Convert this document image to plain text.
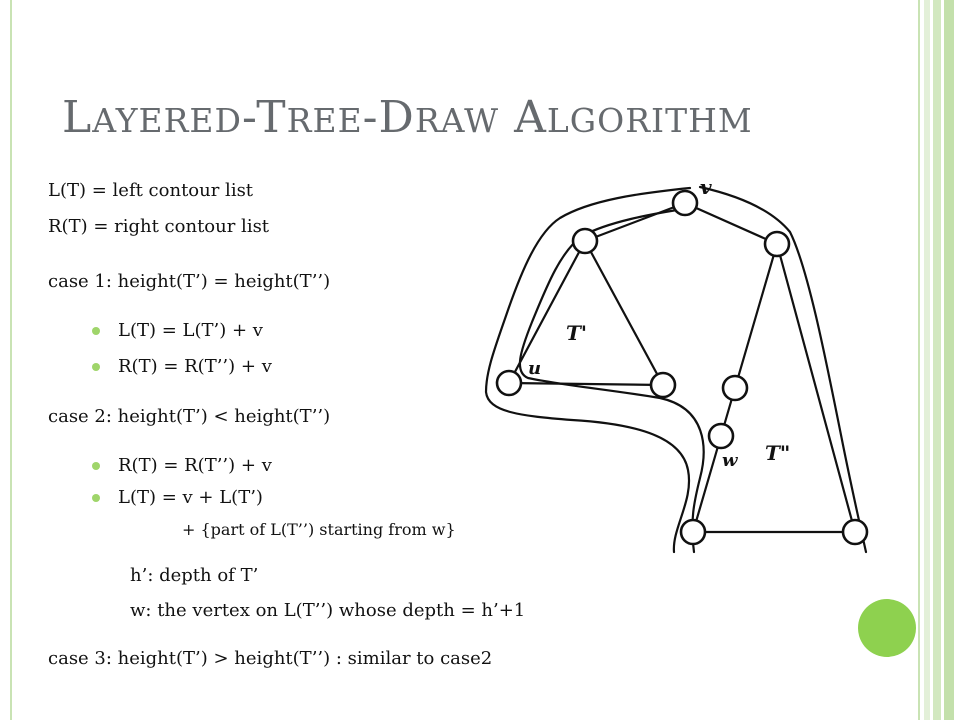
LAYERED-TREE-DRAW ALGORITHM
L(T) = left contour list
R(T) = right contour list
case 1: height(T’) = height(T’’)
L(T) = L(T’) + v
R(T) = R(T’’) + v
case 2: height(T’) < height(T’’)
R(T) = R(T’’) + v
L(T) = v + L(T’)
+ {part of L(T’’) starting from w}
h’: depth of T’
w: the vertex on L(T’’) whose depth = h’+1
case 3: height(T’) > height(T’’) : similar to case2
v
u
w
T'
T"
